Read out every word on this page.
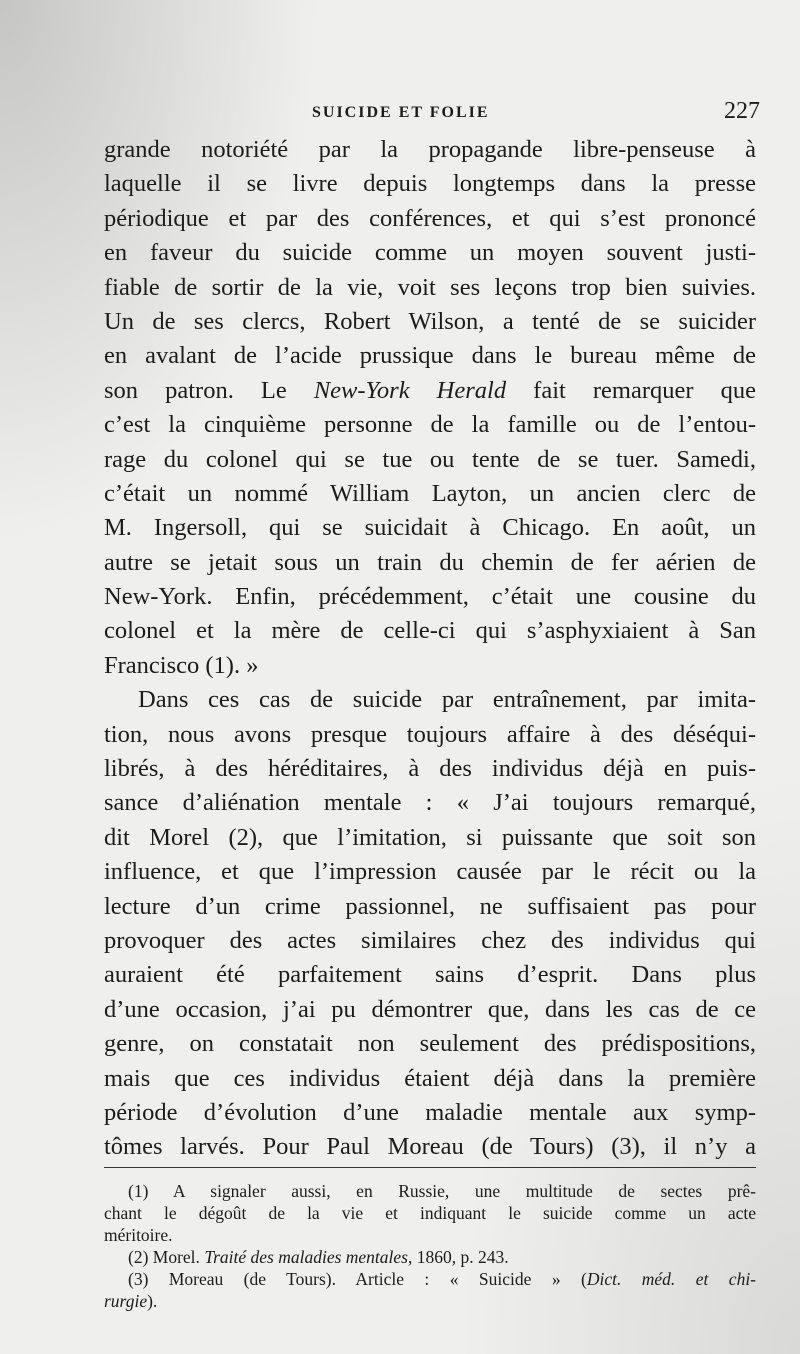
SUICIDE ET FOLIE	227
grande notoriété par la propagande libre-penseuse à
laquelle il se livre depuis longtemps dans la presse
périodique et par des conférences, et qui s’est prononcé
en faveur du suicide comme un moyen souvent justi-
fiable de sortir de la vie, voit ses leçons trop bien suivies.
Un de ses clercs, Robert Wilson, a tenté de se suicider
en avalant de l’acide prussique dans le bureau même de
son patron. Le New-York Herald fait remarquer que
c’est la cinquième personne de la famille ou de l’entou-
rage du colonel qui se tue ou tente de se tuer. Samedi,
c’était un nommé William Layton, un ancien clerc de
M. Ingersoll, qui se suicidait à Chicago. En août, un
autre se jetait sous un train du chemin de fer aérien de
New-York. Enfin, précédemment, c’était une cousine du
colonel et la mère de celle-ci qui s’asphyxiaient à San
Francisco (1). »
Dans ces cas de suicide par entraînement, par imita-
tion, nous avons presque toujours affaire à des déséqui-
librés, à des héréditaires, à des individus déjà en puis-
sance d’aliénation mentale : « J’ai toujours remarqué,
dit Morel (2), que l’imitation, si puissante que soit son
influence, et que l’impression causée par le récit ou la
lecture d’un crime passionnel, ne suffisaient pas pour
provoquer des actes similaires chez des individus qui
auraient été parfaitement sains d’esprit. Dans plus
d’une occasion, j’ai pu démontrer que, dans les cas de ce
genre, on constatait non seulement des prédispositions,
mais que ces individus étaient déjà dans la première
période d’évolution d’une maladie mentale aux symp-
tômes larvés. Pour Paul Moreau (de Tours) (3), il n’y a
(1) A signaler aussi, en Russie, une multitude de sectes prê-
chant le dégoût de la vie et indiquant le suicide comme un acte
méritoire.
(2) Morel. Traité des maladies mentales, 1860, p. 243.
(3) Moreau (de Tours). Article : « Suicide » (Dict. méd. et chi-
rurgie).
